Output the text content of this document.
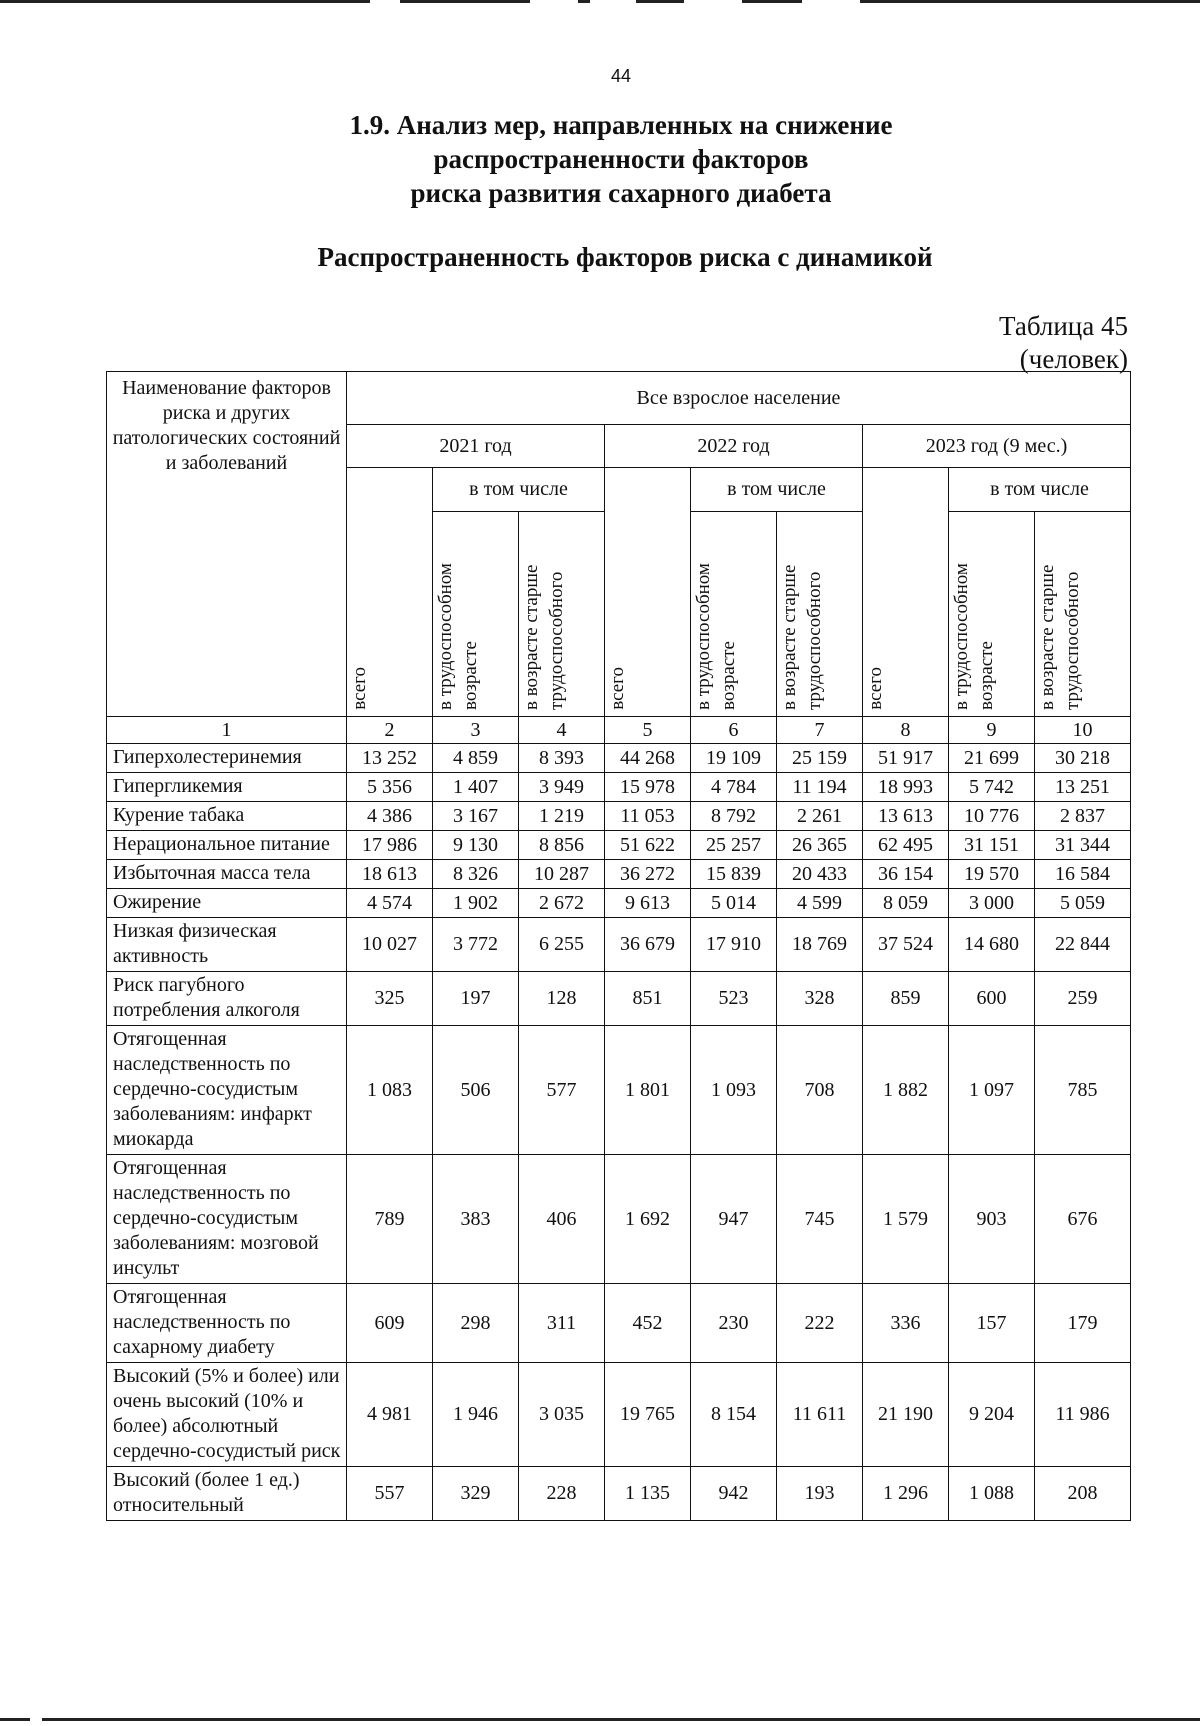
44
1.9. Анализ мер, направленных на снижение
распространенности факторов
риска развития сахарного диабета
Распространенность факторов риска с динамикой
Таблица 45
(человек)
Наименование факторов риска и других патологических состояний и заболеваний	Все взрослое население								
	2021 год			2022 год			2023 год (9 мес.)		

	всего	в том числе		всего	в том числе		всего	в том числе	

		в трудоспособном возрасте	в возрасте старше трудоспособного		в трудоспособном возрасте	в возрасте старше трудоспособного		в трудоспособном возрасте	в возрасте старше трудоспособного

1	2	3	4	5	6	7	8	9	10
Гиперхолестеринемия	13 252	4 859	8 393	44 268	19 109	25 159	51 917	21 699	30 218
Гипергликемия	5 356	1 407	3 949	15 978	4 784	11 194	18 993	5 742	13 251
Курение табака	4 386	3 167	1 219	11 053	8 792	2 261	13 613	10 776	2 837
Нерациональное питание	17 986	9 130	8 856	51 622	25 257	26 365	62 495	31 151	31 344
Избыточная масса тела	18 613	8 326	10 287	36 272	15 839	20 433	36 154	19 570	16 584
Ожирение	4 574	1 902	2 672	9 613	5 014	4 599	8 059	3 000	5 059
Низкая физическая активность	10 027	3 772	6 255	36 679	17 910	18 769	37 524	14 680	22 844
Риск пагубного потребления алкоголя	325	197	128	851	523	328	859	600	259
Отягощенная наследственность по сердечно-сосудистым заболеваниям: инфаркт миокарда	1 083	506	577	1 801	1 093	708	1 882	1 097	785
Отягощенная наследственность по сердечно-сосудистым заболеваниям: мозговой инсульт	789	383	406	1 692	947	745	1 579	903	676
Отягощенная наследственность по сахарному диабету	609	298	311	452	230	222	336	157	179
Высокий (5% и более) или очень высокий (10% и более) абсолютный сердечно-сосудистый риск	4 981	1 946	3 035	19 765	8 154	11 611	21 190	9 204	11 986
Высокий (более 1 ед.) относительный	557	329	228	1 135	942	193	1 296	1 088	208
